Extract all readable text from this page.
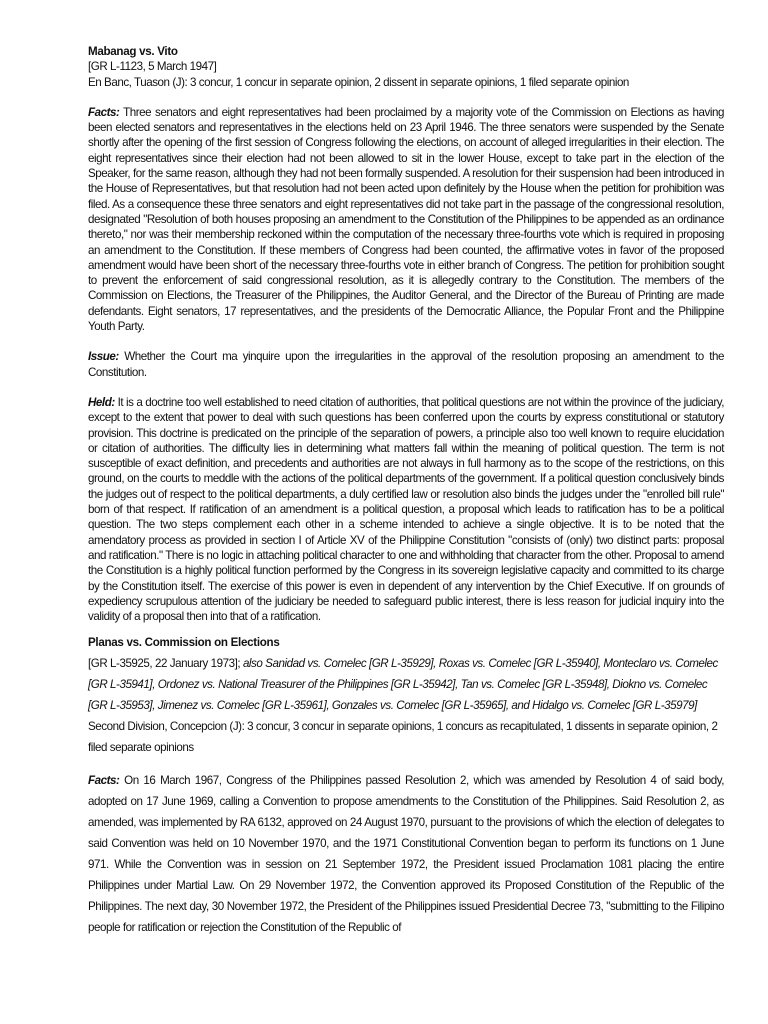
Mabanag vs. Vito

[GR L-1123, 5 March 1947]

En Banc, Tuason (J): 3 concur, 1 concur in separate opinion, 2 dissent in separate opinions, 1 filed separate opinion

Facts: Three senators and eight representatives had been proclaimed by a majority vote of the Commission on Elections as having been elected senators and representatives in the elections held on 23 April 1946. The three senators were suspended by the Senate shortly after the opening of the first session of Congress following the elections, on account of alleged irregularities in their election. The eight representatives since their election had not been allowed to sit in the lower House, except to take part in the election of the Speaker, for the same reason, although they had not been formally suspended. A resolution for their suspension had been introduced in the House of Representatives, but that resolution had not been acted upon definitely by the House when the petition for prohibition was filed. As a consequence these three senators and eight representatives did not take part in the passage of the congressional resolution, designated "Resolution of both houses proposing an amendment to the Constitution of the Philippines to be appended as an ordinance thereto," nor was their membership reckoned within the computation of the necessary three-fourths vote which is required in proposing an amendment to the Constitution. If these members of Congress had been counted, the affirmative votes in favor of the proposed amendment would have been short of the necessary three-fourths vote in either branch of Congress. The petition for prohibition sought to prevent the enforcement of said congressional resolution, as it is allegedly contrary to the Constitution. The members of the Commission on Elections, the Treasurer of the Philippines, the Auditor General, and the Director of the Bureau of Printing are made defendants. Eight senators, 17 representatives, and the presidents of the Democratic Alliance, the Popular Front and the Philippine Youth Party.

Issue: Whether the Court ma yinquire upon the irregularities in the approval of the resolution proposing an amendment to the Constitution.

Held: It is a doctrine too well established to need citation of authorities, that political questions are not within the province of the judiciary, except to the extent that power to deal with such questions has been conferred upon the courts by express constitutional or statutory provision. This doctrine is predicated on the principle of the separation of powers, a principle also too well known to require elucidation or citation of authorities. The difficulty lies in determining what matters fall within the meaning of political question. The term is not susceptible of exact definition, and precedents and authorities are not always in full harmony as to the scope of the restrictions, on this ground, on the courts to meddle with the actions of the political departments of the government. If a political question conclusively binds the judges out of respect to the political departments, a duly certified law or resolution also binds the judges under the "enrolled bill rule" born of that respect. If ratification of an amendment is a political question, a proposal which leads to ratification has to be a political question. The two steps complement each other in a scheme intended to achieve a single objective. It is to be noted that the amendatory process as provided in section I of Article XV of the Philippine Constitution "consists of (only) two distinct parts: proposal and ratification." There is no logic in attaching political character to one and withholding that character from the other. Proposal to amend the Constitution is a highly political function performed by the Congress in its sovereign legislative capacity and committed to its charge by the Constitution itself. The exercise of this power is even in dependent of any intervention by the Chief Executive. If on grounds of expediency scrupulous attention of the judiciary be needed to safeguard public interest, there is less reason for judicial inquiry into the validity of a proposal then into that of a ratification.

Planas vs. Commission on Elections

[GR L-35925, 22 January 1973]; also Sanidad vs. Comelec [GR L-35929], Roxas vs. Comelec [GR L-35940], Monteclaro vs. Comelec [GR L-35941], Ordonez vs. National Treasurer of the Philippines [GR L-35942], Tan vs. Comelec [GR L-35948], Diokno vs. Comelec [GR L-35953], Jimenez vs. Comelec [GR L-35961], Gonzales vs. Comelec [GR L-35965], and Hidalgo vs. Comelec [GR L-35979]

Second Division, Concepcion (J): 3 concur, 3 concur in separate opinions, 1 concurs as recapitulated, 1 dissents in separate opinion, 2 filed separate opinions

Facts: On 16 March 1967, Congress of the Philippines passed Resolution 2, which was amended by Resolution 4 of said body, adopted on 17 June 1969, calling a Convention to propose amendments to the Constitution of the Philippines. Said Resolution 2, as amended, was implemented by RA 6132, approved on 24 August 1970, pursuant to the provisions of which the election of delegates to said Convention was held on 10 November 1970, and the 1971 Constitutional Convention began to perform its functions on 1 June 971. While the Convention was in session on 21 September 1972, the President issued Proclamation 1081 placing the entire Philippines under Martial Law. On 29 November 1972, the Convention approved its Proposed Constitution of the Republic of the Philippines. The next day, 30 November 1972, the President of the Philippines issued Presidential Decree 73, "submitting to the Filipino people for ratification or rejection the Constitution of the Republic of
